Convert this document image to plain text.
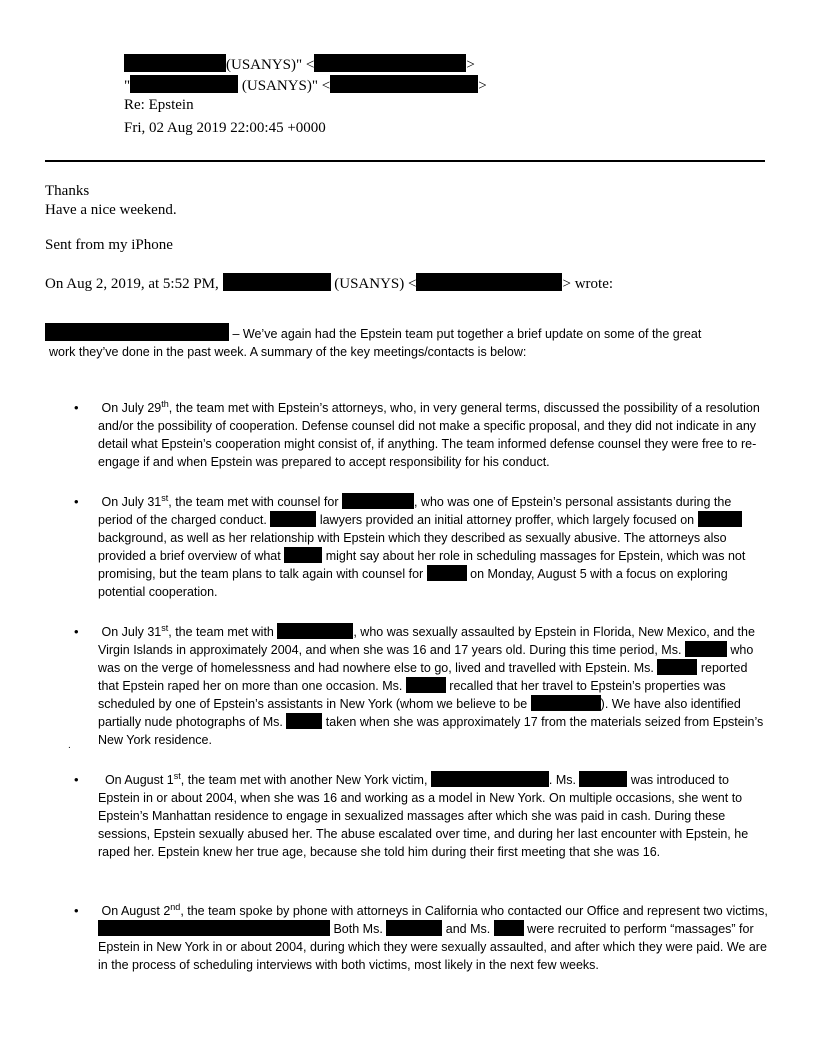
(USANYS)" <	>
"	(USANYS)" <	>
Re: Epstein
Fri, 02 Aug 2019 22:00:45 +0000
Thanks
Have a nice weekend.
Sent from my iPhone
On Aug 2, 2019, at 5:52 PM,	(USANYS) <	> wrote:
– We’ve again had the Epstein team put together a brief update on some of the great
work they’ve done in the past week. A summary of the key meetings/contacts is below:
• On July 29th, the team met with Epstein’s attorneys, who, in very general terms, discussed the possibility of a resolution and/or the possibility of cooperation. Defense counsel did not make a specific proposal, and they did not indicate in any detail what Epstein’s cooperation might consist of, if anything. The team informed defense counsel they were free to re-engage if and when Epstein was prepared to accept responsibility for his conduct.

• On July 31st, the team met with counsel for	, who was one of Epstein’s personal assistants during the period of the charged conduct.	lawyers provided an initial attorney proffer, which largely focused on  background, as well as her relationship with Epstein which they described as sexually abusive. The attorneys also provided a brief overview of what	might say about her role in scheduling massages for Epstein, which was not promising, but the team plans to talk again with counsel for	on Monday, August 5 with a focus on exploring potential cooperation.

• On July 31st, the team met with	, who was sexually assaulted by Epstein in Florida, New Mexico, and the Virgin Islands in approximately 2004, and when she was 16 and 17 years old. During this time period, Ms.	who was on the verge of homelessness and had nowhere else to go, lived and travelled with Epstein. Ms.	reported that Epstein raped her on more than one occasion. Ms.	recalled that her travel to Epstein’s properties was scheduled by one of Epstein’s assistants in New York (whom we believe to be	). We have also identified partially nude photographs of Ms.	taken when she was approximately 17 from the materials seized from Epstein’s New York residence.

.
•	On August 1st, the team met with another New York victim,	. Ms.	was introduced to Epstein in or about 2004, when she was 16 and working as a model in New York. On multiple occasions, she went to Epstein’s Manhattan residence to engage in sexualized massages after which she was paid in cash. During these sessions, Epstein sexually abused her. The abuse escalated over time, and during her last encounter with Epstein, he raped her. Epstein knew her true age, because she told him during their first meeting that she was 16.

• On August 2nd, the team spoke by phone with attorneys in California who contacted our Office and represent two victims,  Both Ms.	and Ms.  were recruited to perform “massages” for Epstein in New York in or about 2004, during which they were sexually assaulted, and after which they were paid. We are in the process of scheduling interviews with both victims, most likely in the next few weeks.
